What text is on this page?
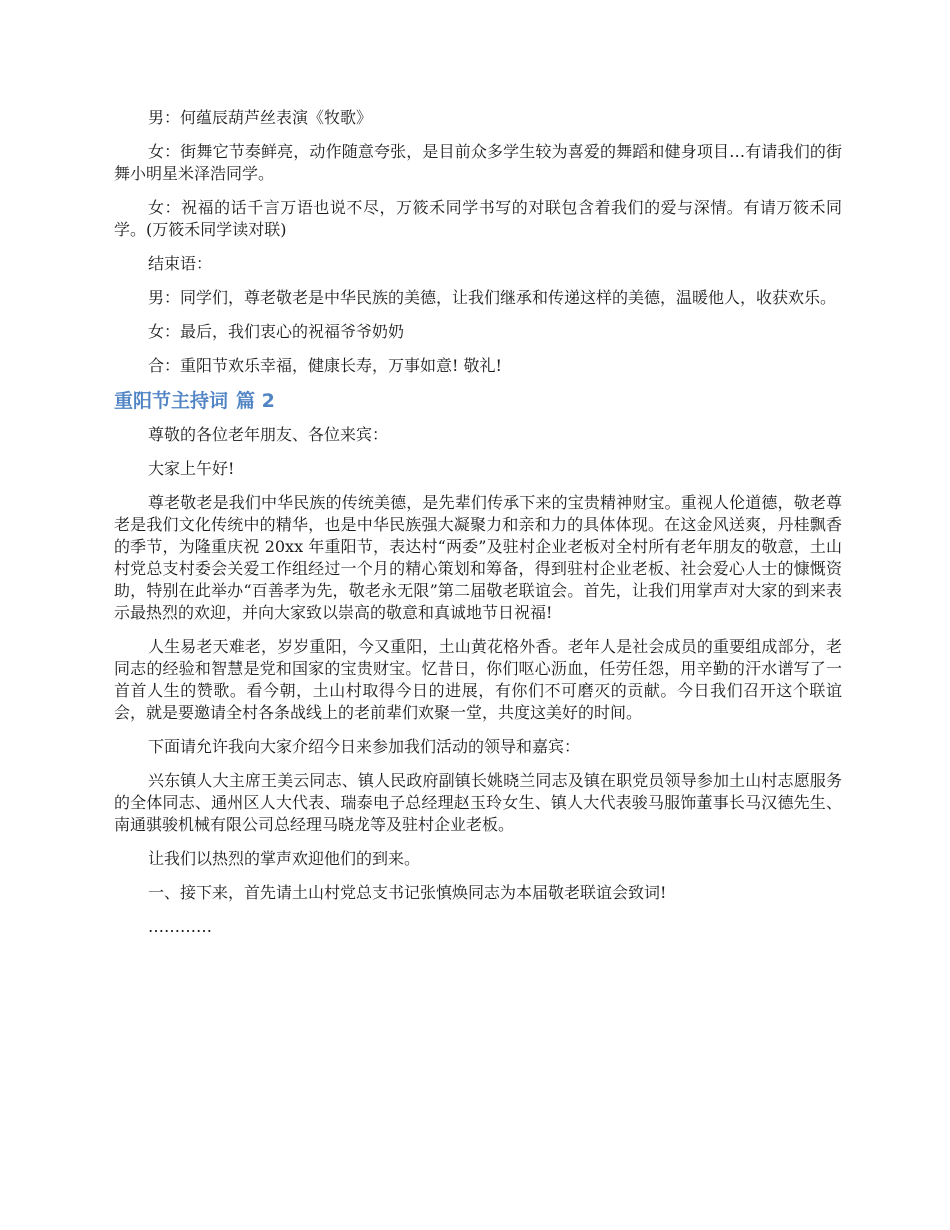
男：何蕴辰葫芦丝表演《牧歌》

女：街舞它节奏鲜亮，动作随意夸张，是目前众多学生较为喜爱的舞蹈和健身项目…有请我们的街舞小明星米泽浩同学。

女：祝福的话千言万语也说不尽，万筱禾同学书写的对联包含着我们的爱与深情。有请万筱禾同学。(万筱禾同学读对联)

结束语：

男：同学们，尊老敬老是中华民族的美德，让我们继承和传递这样的美德，温暖他人，收获欢乐。

女：最后，我们衷心的祝福爷爷奶奶

合：重阳节欢乐幸福，健康长寿，万事如意! 敬礼!

重阳节主持词 篇 2

尊敬的各位老年朋友、各位来宾：

大家上午好!

尊老敬老是我们中华民族的传统美德，是先辈们传承下来的宝贵精神财宝。重视人伦道德，敬老尊老是我们文化传统中的精华，也是中华民族强大凝聚力和亲和力的具体体现。在这金风送爽，丹桂飘香的季节，为隆重庆祝 20xx 年重阳节，表达村“两委”及驻村企业老板对全村所有老年朋友的敬意，土山村党总支村委会关爱工作组经过一个月的精心策划和筹备，得到驻村企业老板、社会爱心人士的慷慨资助，特别在此举办“百善孝为先，敬老永无限”第二届敬老联谊会。首先，让我们用掌声对大家的到来表示最热烈的欢迎，并向大家致以崇高的敬意和真诚地节日祝福!

人生易老天难老，岁岁重阳，今又重阳，土山黄花格外香。老年人是社会成员的重要组成部分，老同志的经验和智慧是党和国家的宝贵财宝。忆昔日，你们呕心沥血，任劳任怨，用辛勤的汗水谱写了一首首人生的赞歌。看今朝，土山村取得今日的进展，有你们不可磨灭的贡献。今日我们召开这个联谊会，就是要邀请全村各条战线上的老前辈们欢聚一堂，共度这美好的时间。

下面请允许我向大家介绍今日来参加我们活动的领导和嘉宾：

兴东镇人大主席王美云同志、镇人民政府副镇长姚晓兰同志及镇在职党员领导参加土山村志愿服务的全体同志、通州区人大代表、瑞泰电子总经理赵玉玲女生、镇人大代表骏马服饰董事长马汉德先生、南通骐骏机械有限公司总经理马晓龙等及驻村企业老板。

让我们以热烈的掌声欢迎他们的到来。

一、接下来，首先请土山村党总支书记张慎焕同志为本届敬老联谊会致词!

…………
